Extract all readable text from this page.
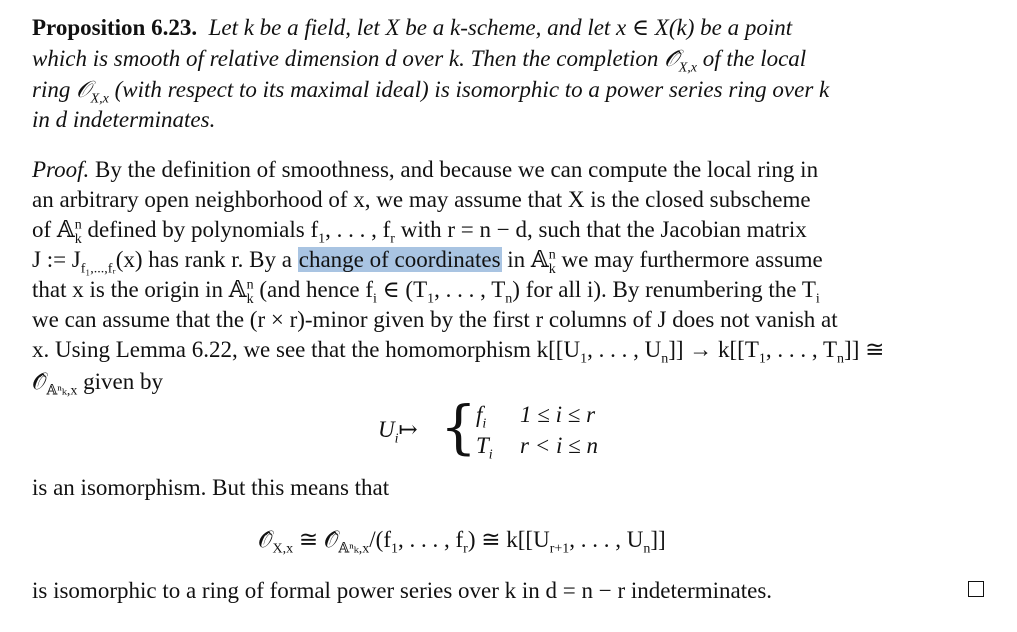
Proposition 6.23. Let k be a field, let X be a k-scheme, and let x ∈ X(k) be a point
which is smooth of relative dimension d over k. Then the completion $𝒪̂_{X,x}$ of the local
ring 𝒪$_{X,x}$ (with respect to its maximal ideal) is isomorphic to a power series ring over k
in d indeterminates.
Proof. By the definition of smoothness, and because we can compute the local ring in
an arbitrary open neighborhood of x, we may assume that X is the closed subscheme
of 𝔸$^n_k$ defined by polynomials $f_1$, . . . , $f_r$ with r = n − d, such that the Jacobian matrix
J := $J_{f_1,...,fᵣ}(x)$ has rank r. By a change of coordinates in 𝔸$^n_k$ we may furthermore assume
that x is the origin in 𝔸$^n_k$ (and hence $f_i$ ∈ ($T_1$, . . . , $T_n$) for all i). By renumbering the $T_i$
we can assume that the (r × r)-minor given by the first r columns of J does not vanish at
x. Using Lemma 6.22, we see that the homomorphism $k[[U_1$, . . . , $U_n]] \to k[[T_1$, . . . , $T_n$]] ≅
$𝒪̂_{𝔸^n_k,x}$ given by
$U_i↦$ { $f_i$ 1 ≤ i ≤ r
$T_i$ r < i ≤ n
is an isomorphism. But this means that
$𝒪̂_{X,x}$ ≅ $𝒪̂_{𝔸^n_k,x}/(f_1$, . . . , $f_r$) ≅ $k[[U_{r+1}$, . . . , $U_n$]]
is isomorphic to a ring of formal power series over k in d = n − r indeterminates.
